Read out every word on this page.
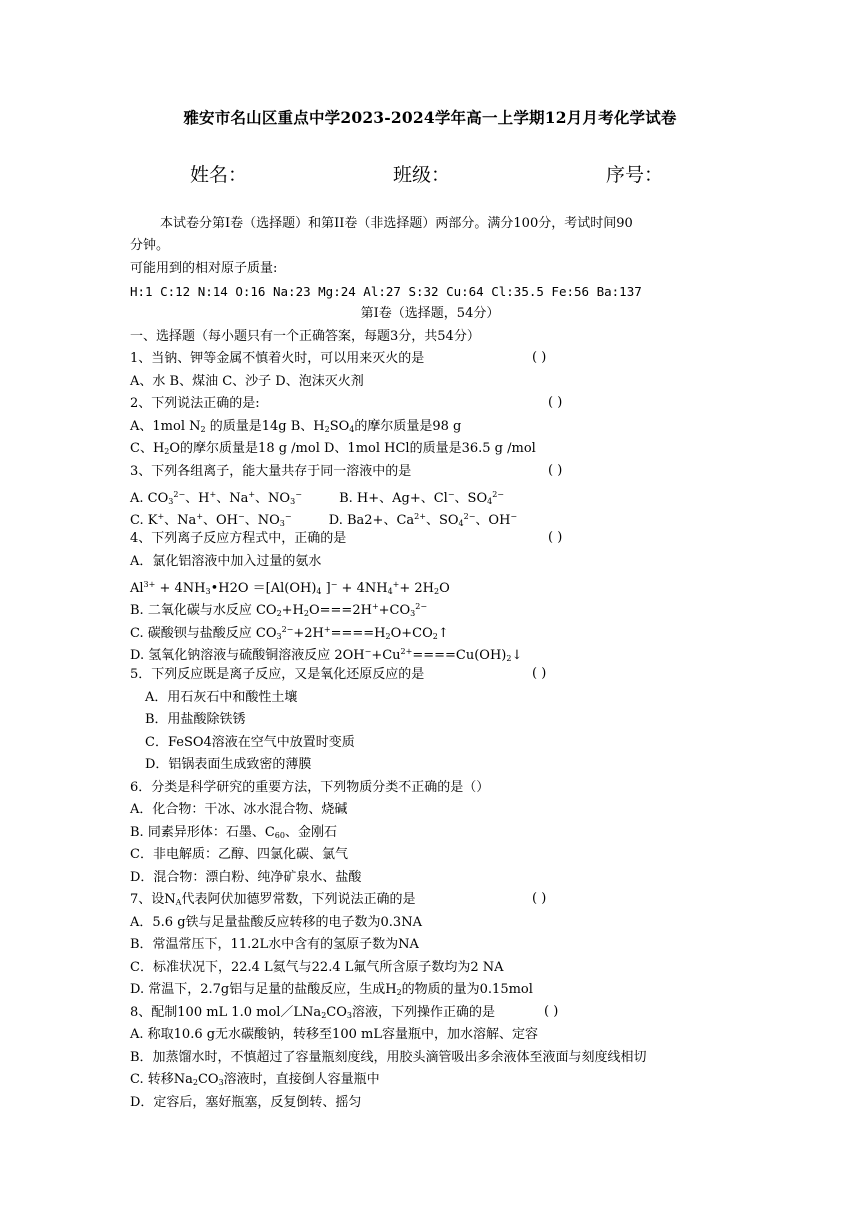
雅安市名山区重点中学2023-2024学年高一上学期12月月考化学试卷
姓名：	班级：	序号：
本试卷分第Ⅰ卷（选择题）和第II卷（非选择题）两部分。满分100分，考试时间90
分钟。
可能用到的相对原子质量:
H:1 C:12 N:14 O:16 Na:23 Mg:24 Al:27 S:32 Cu:64 Cl:35.5 Fe:56 Ba:137
第Ⅰ卷（选择题，54分）
一、选择题（每小题只有一个正确答案，每题3分，共54分）
1、当钠、钾等金属不慎着火时，可以用来灭火的是	( )
A、水 B、煤油 C、沙子 D、泡沫灭火剂
2、下列说法正确的是:	( )
A、1mol $N_2$ 的质量是14g B、$H_2SO_4$的摩尔质量是98 g
C、$H_2O$的摩尔质量是18 g /mol D、1mol HCl的质量是36.5 g /mol
3、下列各组离子，能大量共存于同一溶液中的是	( )
A. $CO_3^{2-}$、H+、Na+、$NO_3^-$         B. H+、Ag+、Cl−、$SO_4^{2-}$
C. K+、Na+、OH−、$NO_3^-$         D. Ba2+、$Ca^{2+}$、$SO_4^{2-}$、OH−
4、下列离子反应方程式中，正确的是	( )
A．氯化铝溶液中加入过量的氨水
$Al^{3+}$ + $4NH_3•H2O =[Al(OH)_4$ ]$^- + 4NH_4^++ 2H_2O$
B. 二氧化碳与水反应 $CO_2+H_2O===2H^++CO_3^{2-}$
C. 碳酸钡与盐酸反应 $CO_3^{2-}+2H^+====H_2O+CO_2↑$
D. 氢氧化钠溶液与硫酸铜溶液反应 $2OH^-+Cu^{2+}====Cu(OH)_2↓$
5．下列反应既是离子反应，又是氧化还原反应的是	( )
A．用石灰石中和酸性土壤
B．用盐酸除铁锈
C．FeSO4溶液在空气中放置时变质
D．铝锅表面生成致密的薄膜
6．分类是科学研究的重要方法，下列物质分类不正确的是（）
A．化合物：干冰、冰水混合物、烧碱
B. 同素异形体：石墨、$C_{60}$、金刚石
C．非电解质：乙醇、四氯化碳、氯气
D．混合物：漂白粉、纯净矿泉水、盐酸
7、设$N_A$代表阿伏加德罗常数，下列说法正确的是	( )
A．5.6 g铁与足量盐酸反应转移的电子数为0.3NA
B．常温常压下，11.2L水中含有的氢原子数为NA
C．标准状况下，22.4 L氦气与22.4 L氟气所含原子数均为2 NA
D. 常温下，2.7g铝与足量的盐酸反应，生成$H_2$的物质的量为0.15mol
8、配制100 mL 1.0 $mol/LNa_2CO_3$溶液，下列操作正确的是	( )
A. 称取10.6 g无水碳酸钠，转移至100 mL容量瓶中，加水溶解、定容
B．加蒸馏水时，不慎超过了容量瓶刻度线，用胶头滴管吸出多余液体至液面与刻度线相切
C. 转移$Na_2CO_3$溶液时，直接倒人容量瓶中
D．定容后，塞好瓶塞，反复倒转、摇匀
